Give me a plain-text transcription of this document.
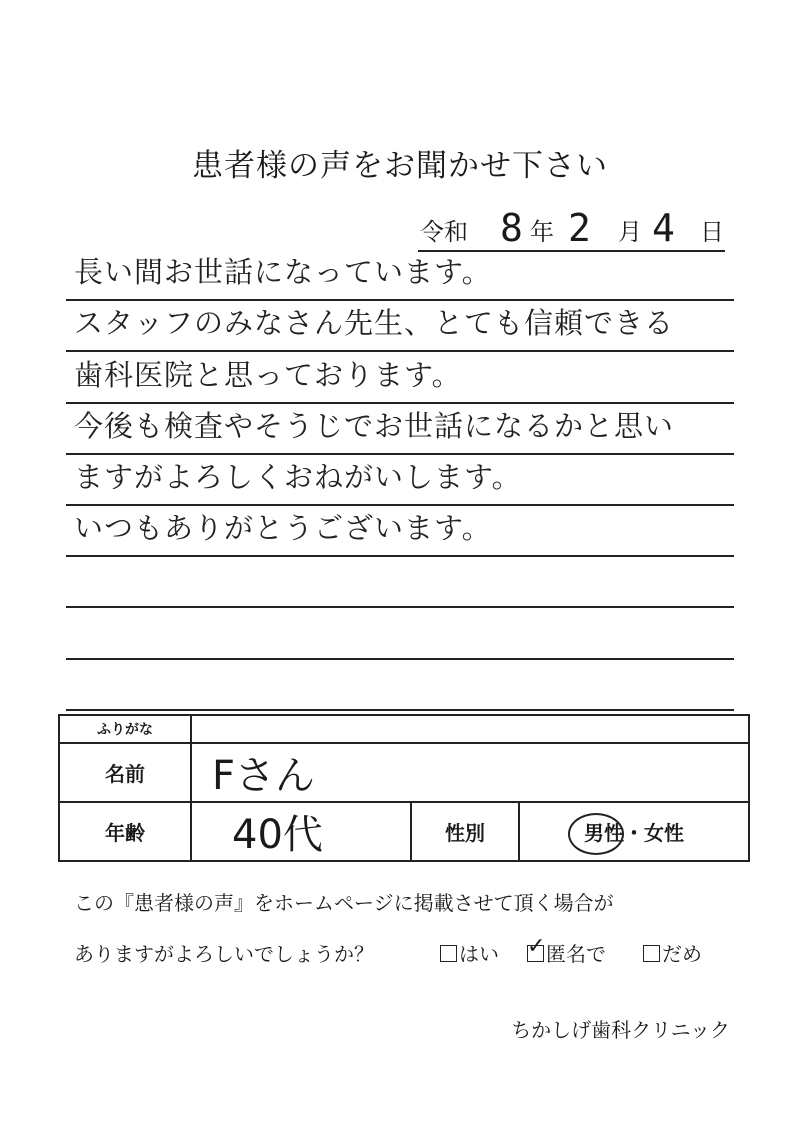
患者様の声をお聞かせ下さい
令和 8 年 2 月 4 日
長い間お世話になっています。
スタッフのみなさん先生、とても信頼できる
歯科医院と思っております。
今後も検査やそうじでお世話になるかと思い
ますがよろしくおねがいします。
いつもありがとうございます。
ふりがな			
名前	Fさん		
年齢	40代	性別	男性・女性
この『患者様の声』をホームページに掲載させて頂く場合が
ありますがよろしいでしょうか？	はい ✓ 匿名で	だめ
ちかしげ歯科クリニック
